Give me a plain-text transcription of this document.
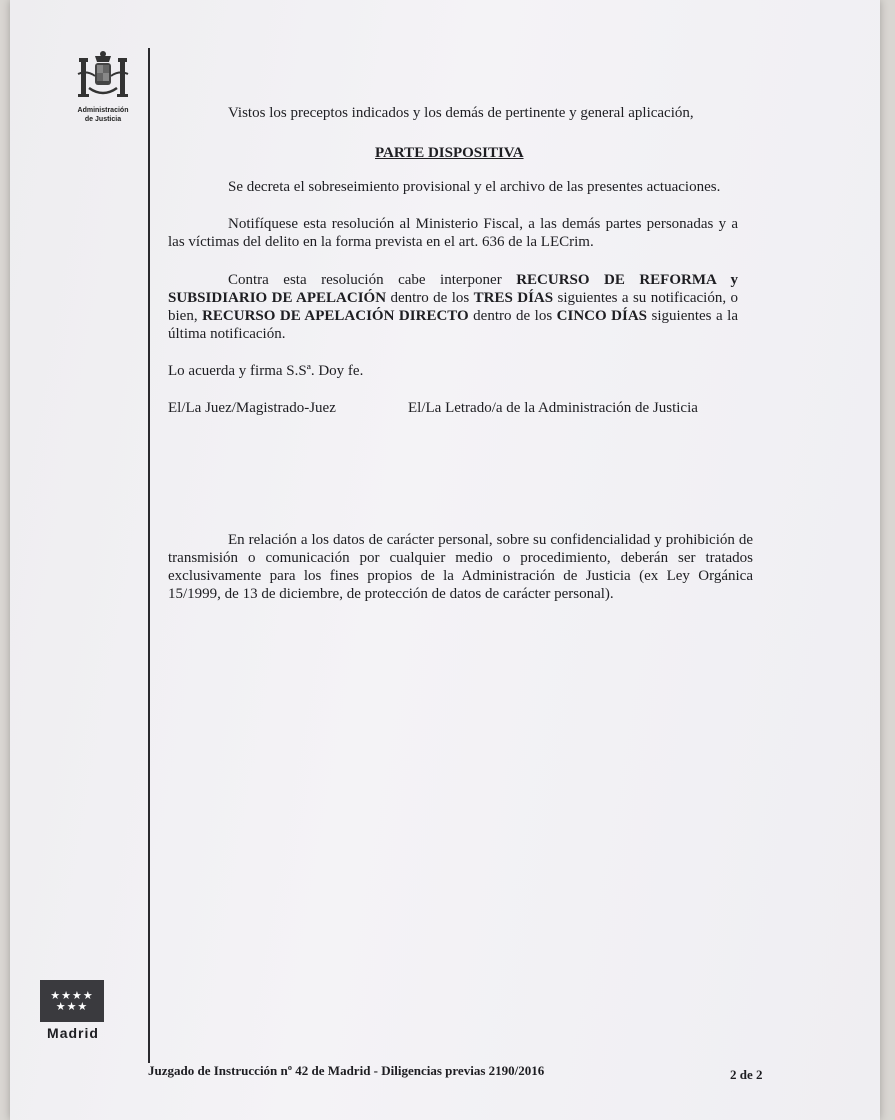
Administración
de Justicia	Vistos los preceptos indicados y los demás de pertinente y general aplicación,
PARTE DISPOSITIVA
Se decreta el sobreseimiento provisional y el archivo de las presentes actuaciones.
Notifíquese esta resolución al Ministerio Fiscal, a las demás partes personadas y a las víctimas del delito en la forma prevista en el art. 636 de la LECrim.
Contra esta resolución cabe interponer RECURSO DE REFORMA y SUBSIDIARIO DE APELACIÓN dentro de los TRES DÍAS siguientes a su notificación, o bien, RECURSO DE APELACIÓN DIRECTO dentro de los CINCO DÍAS siguientes a la última notificación.
Lo acuerda y firma S.Sª. Doy fe.
El/La Juez/Magistrado-Juez	El/La Letrado/a de la Administración de Justicia
En relación a los datos de carácter personal, sobre su confidencialidad y prohibición de transmisión o comunicación por cualquier medio o procedimiento, deberán ser tratados exclusivamente para los fines propios de la Administración de Justicia (ex Ley Orgánica 15/1999, de 13 de diciembre, de protección de datos de carácter personal).
★★★★
★★★
Madrid
Juzgado de Instrucción nº 42 de Madrid - Diligencias previas 2190/2016	2 de 2
